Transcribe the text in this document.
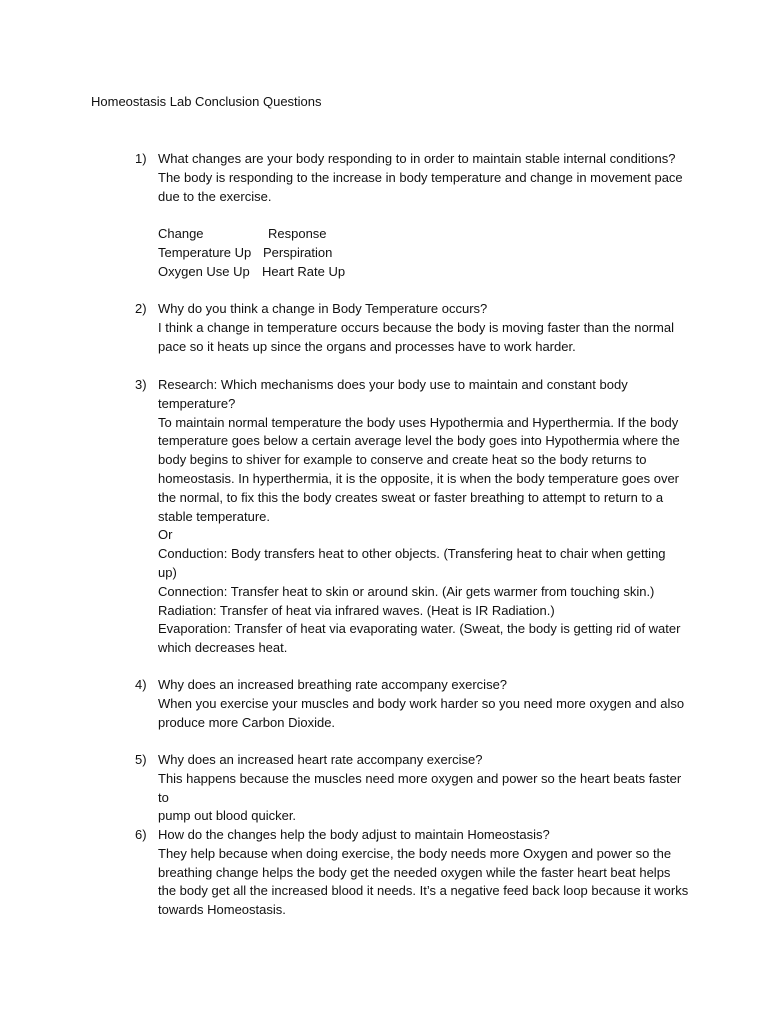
Homeostasis Lab Conclusion Questions
1) What changes are your body responding to in order to maintain stable internal conditions?
The body is responding to the increase in body temperature and change in movement pace
due to the exercise.
Change	Response
Temperature Up Perspiration
Oxygen Use Up Heart Rate Up
2) Why do you think a change in Body Temperature occurs?
I think a change in temperature occurs because the body is moving faster than the normal
pace so it heats up since the organs and processes have to work harder.
3) Research: Which mechanisms does your body use to maintain and constant body
temperature?
To maintain normal temperature the body uses Hypothermia and Hyperthermia. If the body
temperature goes below a certain average level the body goes into Hypothermia where the
body begins to shiver for example to conserve and create heat so the body returns to
homeostasis. In hyperthermia, it is the opposite, it is when the body temperature goes over
the normal, to fix this the body creates sweat or faster breathing to attempt to return to a
stable temperature.
Or
Conduction: Body transfers heat to other objects. (Transfering heat to chair when getting
up)
Connection: Transfer heat to skin or around skin. (Air gets warmer from touching skin.)
Radiation: Transfer of heat via infrared waves. (Heat is IR Radiation.)
Evaporation: Transfer of heat via evaporating water. (Sweat, the body is getting rid of water
which decreases heat.
4) Why does an increased breathing rate accompany exercise?
When you exercise your muscles and body work harder so you need more oxygen and also
produce more Carbon Dioxide.
5) Why does an increased heart rate accompany exercise?
This happens because the muscles need more oxygen and power so the heart beats faster to
pump out blood quicker.
6) How do the changes help the body adjust to maintain Homeostasis?
They help because when doing exercise, the body needs more Oxygen and power so the
breathing change helps the body get the needed oxygen while the faster heart beat helps
the body get all the increased blood it needs. It’s a negative feed back loop because it works
towards Homeostasis.
